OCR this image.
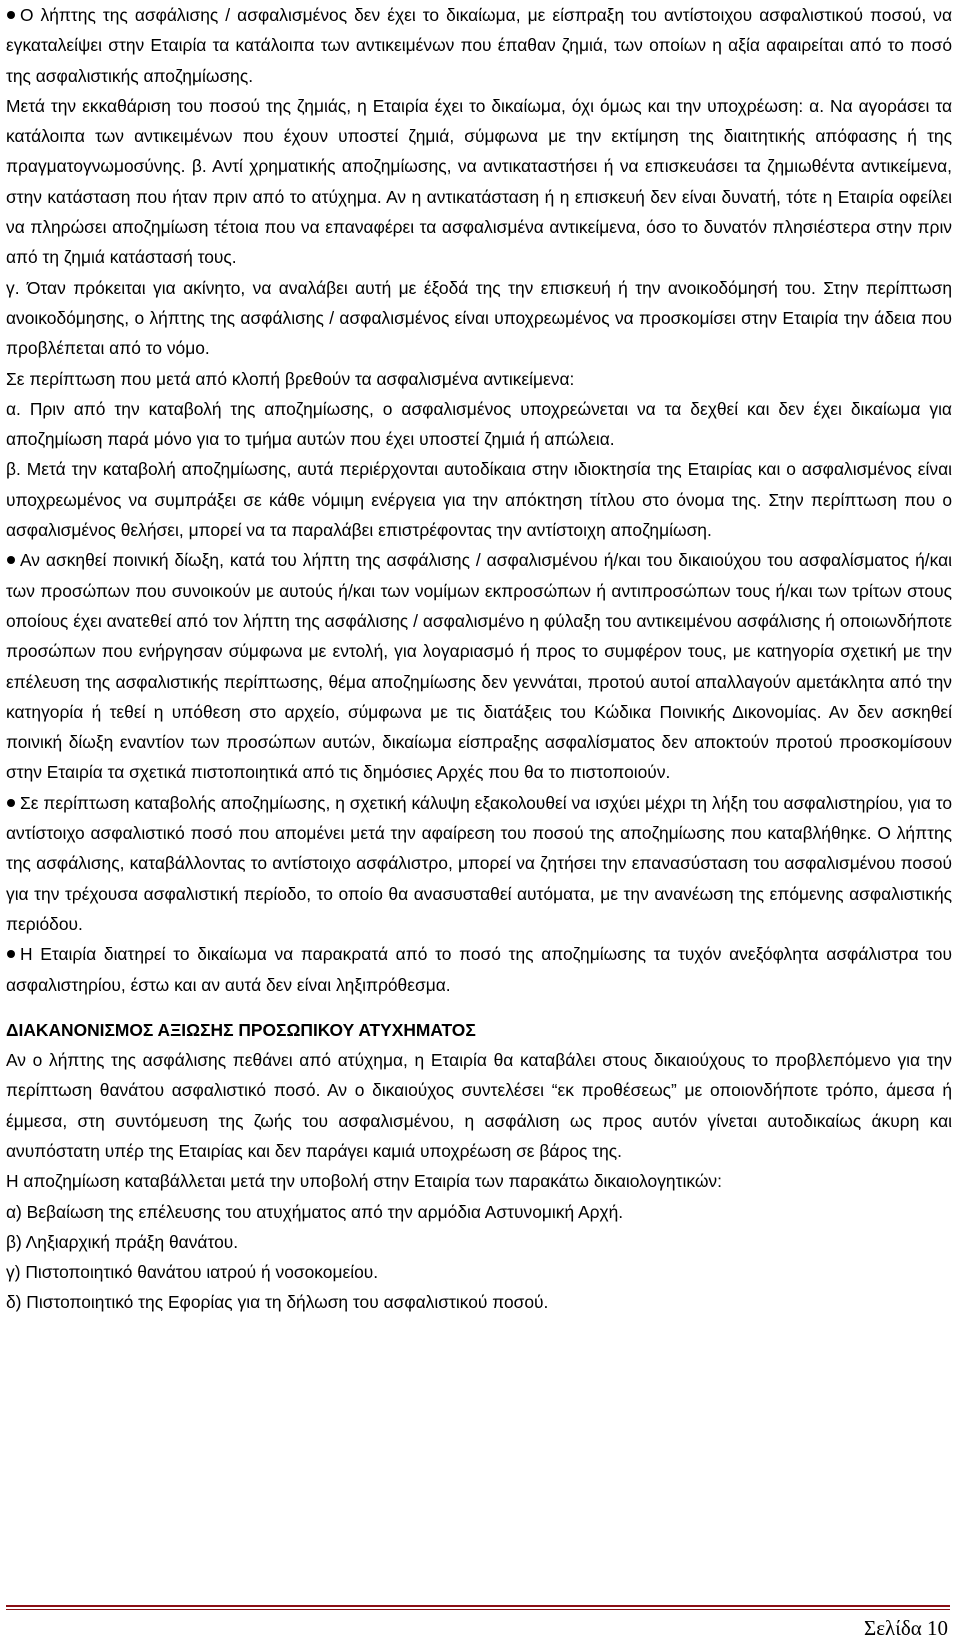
Ο λήπτης της ασφάλισης / ασφαλισμένος δεν έχει το δικαίωμα, με είσπραξη του αντίστοιχου ασφαλιστικού ποσού, να εγκαταλείψει στην Εταιρία τα κατάλοιπα των αντικειμένων που έπαθαν ζημιά, των οποίων η αξία αφαιρείται από το ποσό της ασφαλιστικής αποζημίωσης.

Μετά την εκκαθάριση του ποσού της ζημιάς, η Εταιρία έχει το δικαίωμα, όχι όμως και την υποχρέωση: α. Να αγοράσει τα κατάλοιπα των αντικειμένων που έχουν υποστεί ζημιά, σύμφωνα με την εκτίμηση της διαιτητικής απόφασης ή της πραγματογνωμοσύνης. β. Αντί χρηματικής αποζημίωσης, να αντικαταστήσει ή να επισκευάσει τα ζημιωθέντα αντικείμενα, στην κατάσταση που ήταν πριν από το ατύχημα. Αν η αντικατάσταση ή η επισκευή δεν είναι δυνατή, τότε η Εταιρία οφείλει να πληρώσει αποζημίωση τέτοια που να επαναφέρει τα ασφαλισμένα αντικείμενα, όσο το δυνατόν πλησιέστερα στην πριν από τη ζημιά κατάστασή τους.

γ. Όταν πρόκειται για ακίνητο, να αναλάβει αυτή με έξοδά της την επισκευή ή την ανοικοδόμησή του. Στην περίπτωση ανοικοδόμησης, ο λήπτης της ασφάλισης / ασφαλισμένος είναι υποχρεωμένος να προσκομίσει στην Εταιρία την άδεια που προβλέπεται από το νόμο.

Σε περίπτωση που μετά από κλοπή βρεθούν τα ασφαλισμένα αντικείμενα:

α. Πριν από την καταβολή της αποζημίωσης, ο ασφαλισμένος υποχρεώνεται να τα δεχθεί και δεν έχει δικαίωμα για αποζημίωση παρά μόνο για το τμήμα αυτών που έχει υποστεί ζημιά ή απώλεια.

β. Μετά την καταβολή αποζημίωσης, αυτά περιέρχονται αυτοδίκαια στην ιδιοκτησία της Εταιρίας και ο ασφαλισμένος είναι υποχρεωμένος να συμπράξει σε κάθε νόμιμη ενέργεια για την απόκτηση τίτλου στο όνομα της. Στην περίπτωση που ο ασφαλισμένος θελήσει, μπορεί να τα παραλάβει επιστρέφοντας την αντίστοιχη αποζημίωση.

Αν ασκηθεί ποινική δίωξη, κατά του λήπτη της ασφάλισης / ασφαλισμένου ή/και του δικαιούχου του ασφαλίσματος ή/και των προσώπων που συνοικούν με αυτούς ή/και των νομίμων εκπροσώπων ή αντιπροσώπων τους ή/και των τρίτων στους οποίους έχει ανατεθεί από τον λήπτη της ασφάλισης / ασφαλισμένο η φύλαξη του αντικειμένου ασφάλισης ή οποιωνδήποτε προσώπων που ενήργησαν σύμφωνα με εντολή, για λογαριασμό ή προς το συμφέρον τους, με κατηγορία σχετική με την επέλευση της ασφαλιστικής περίπτωσης, θέμα αποζημίωσης δεν γεννάται, προτού αυτοί απαλλαγούν αμετάκλητα από την κατηγορία ή τεθεί η υπόθεση στο αρχείο, σύμφωνα με τις διατάξεις του Κώδικα Ποινικής Δικονομίας. Αν δεν ασκηθεί ποινική δίωξη εναντίον των προσώπων αυτών, δικαίωμα είσπραξης ασφαλίσματος δεν αποκτούν προτού προσκομίσουν στην Εταιρία τα σχετικά πιστοποιητικά από τις δημόσιες Αρχές που θα το πιστοποιούν.

Σε περίπτωση καταβολής αποζημίωσης, η σχετική κάλυψη εξακολουθεί να ισχύει μέχρι τη λήξη του ασφαλιστηρίου, για το αντίστοιχο ασφαλιστικό ποσό που απομένει μετά την αφαίρεση του ποσού της αποζημίωσης που καταβλήθηκε. Ο λήπτης της ασφάλισης, καταβάλλοντας το αντίστοιχο ασφάλιστρο, μπορεί να ζητήσει την επανασύσταση του ασφαλισμένου ποσού για την τρέχουσα ασφαλιστική περίοδο, το οποίο θα ανασυσταθεί αυτόματα, με την ανανέωση της επόμενης ασφαλιστικής περιόδου.

Η Εταιρία διατηρεί το δικαίωμα να παρακρατά από το ποσό της αποζημίωσης τα τυχόν ανεξόφλητα ασφάλιστρα του ασφαλιστηρίου, έστω και αν αυτά δεν είναι ληξιπρόθεσμα.

ΔΙΑΚΑΝΟΝΙΣΜΟΣ ΑΞΙΩΣΗΣ ΠΡΟΣΩΠΙΚΟΥ ΑΤΥΧΗΜΑΤΟΣ

Αν ο λήπτης της ασφάλισης πεθάνει από ατύχημα, η Εταιρία θα καταβάλει στους δικαιούχους το προβλεπόμενο για την περίπτωση θανάτου ασφαλιστικό ποσό. Αν ο δικαιούχος συντελέσει “εκ προθέσεως” με οποιονδήποτε τρόπο, άμεσα ή έμμεσα, στη συντόμευση της ζωής του ασφαλισμένου, η ασφάλιση ως προς αυτόν γίνεται αυτοδικαίως άκυρη και ανυπόστατη υπέρ της Εταιρίας και δεν παράγει καμιά υποχρέωση σε βάρος της.

Η αποζημίωση καταβάλλεται μετά την υποβολή στην Εταιρία των παρακάτω δικαιολογητικών:

α) Βεβαίωση της επέλευσης του ατυχήματος από την αρμόδια Αστυνομική Αρχή.

β) Ληξιαρχική πράξη θανάτου.

γ) Πιστοποιητικό θανάτου ιατρού ή νοσοκομείου.

δ) Πιστοποιητικό της Εφορίας για τη δήλωση του ασφαλιστικού ποσού.

Σελίδα 10
